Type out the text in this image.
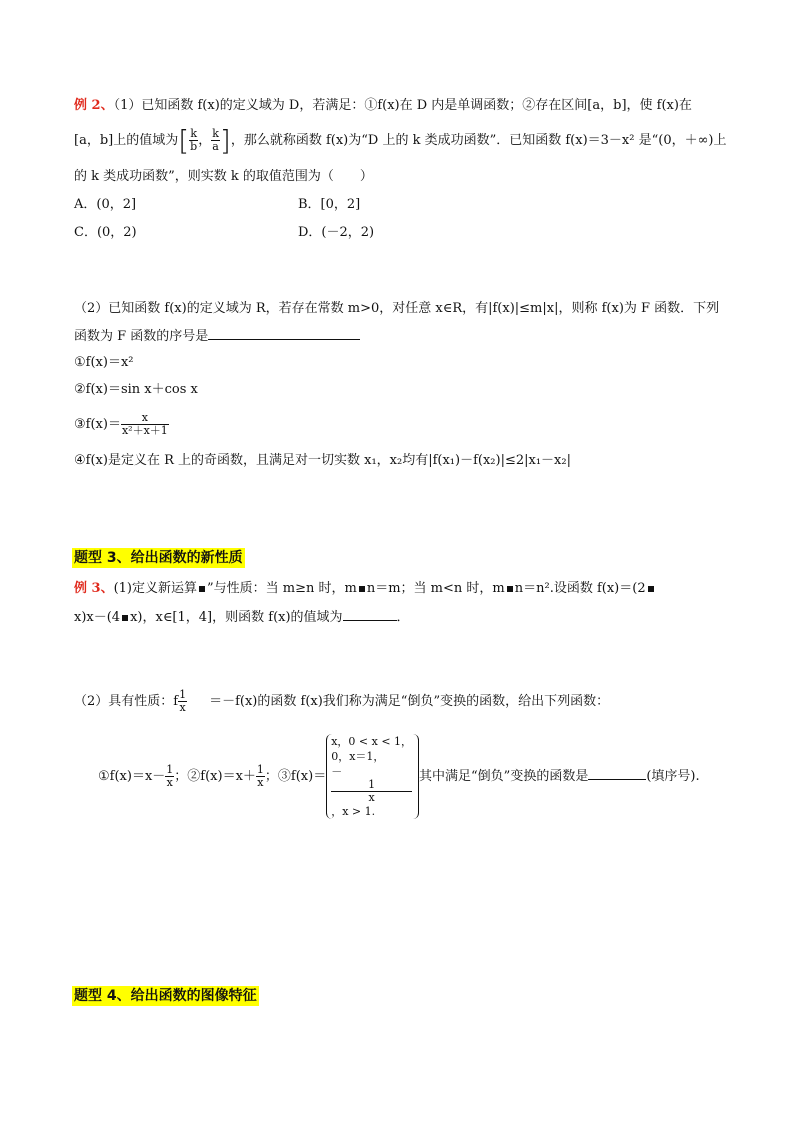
例 2、（1）已知函数 f(x)的定义域为 D，若满足：①f(x)在 D 内是单调函数；②存在区间[a，b]，使 f(x)在
[a，b]上的值域为[ $\frac{k}{b}$ ， $\frac{k}{a}$ ]，那么就称函数 f(x)为“D 上的 k 类成功函数”．已知函数 f(x)＝3－x² 是“(0，＋∞)上
的 k 类成功函数”，则实数 k 的取值范围为（　　）
A．(0，2]	B．[0，2]
C．(0，2)	D．(－2，2)
（2）已知函数 f(x)的定义域为 R，若存在常数 m>0，对任意 x∈R，有|f(x)|≤m|x|，则称 f(x)为 F 函数．下列
函数为 F 函数的序号是
①f(x)＝x²
②f(x)＝sin x＋cos x
③f(x)＝ $\frac{x}{\text{x²＋x＋1}}$
④f(x)是定义在 R 上的奇函数，且满足对一切实数 x₁，x₂均有|f(x₁)－f(x₂)|≤2|x₁－x₂|
题型 3、给出函数的新性质
例 3、(1)定义新运算 ”与性质：当 m≥n 时，m n＝m；当 m<n 时，m n＝n².设函数 f(x)＝(2
x)x－(4 x)，x∈[1，4]，则函数 f(x)的值域为	．
（2）具有性质：f $\frac{1}{x} =-f(x)$的函数 f(x)我们称为满足“倒负”变换的函数，给出下列函数：
①f(x)＝x－ $\frac{1}{x}$ ；②f(x)＝x＋ $\frac{1}{x}$ ；③f(x)＝
x，0 < x < 1，
0，x＝1，
－
1
x
，x > 1.
其中满足“倒负”变换的函数是	(填序号).
题型 4、给出函数的图像特征
